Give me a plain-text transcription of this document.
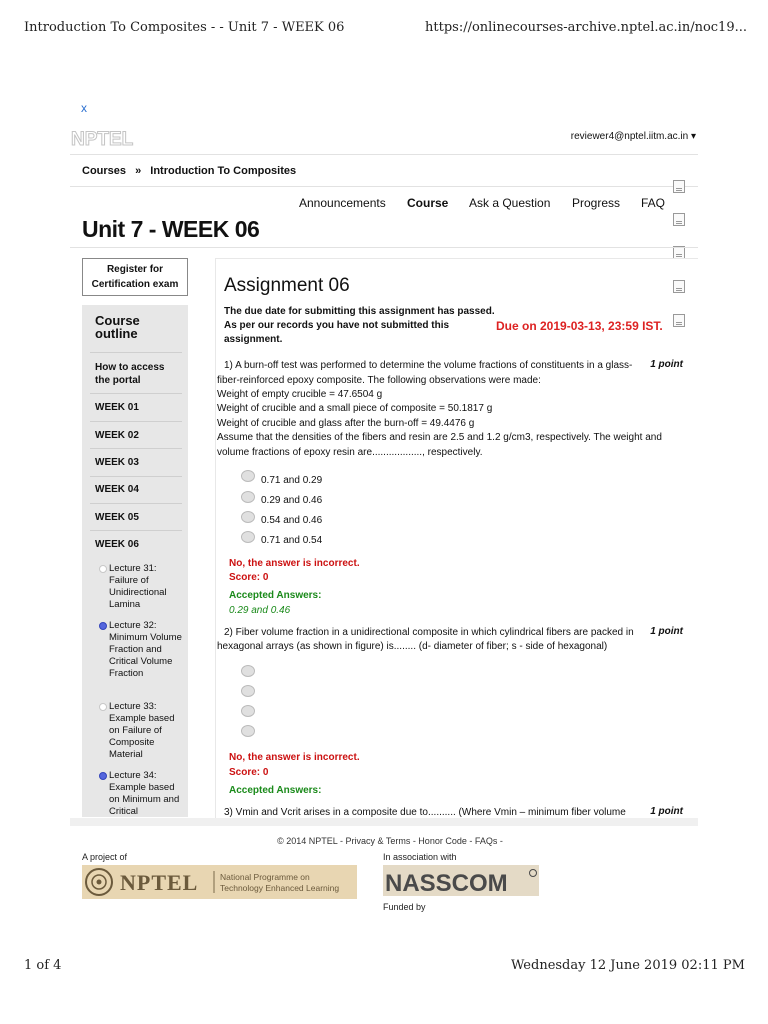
Introduction To Composites - - Unit 7 - WEEK 06	https://onlinecourses-archive.nptel.ac.in/noc19...
x
NPTEL	reviewer4@nptel.iitm.ac.in ▾
Courses » Introduction To Composites
Announcements Course Ask a Question Progress FAQ
Unit 7 - WEEK 06
Register for
Certification exam
Course
outline
How to access the portal
WEEK 01
WEEK 02
WEEK 03
WEEK 04
WEEK 05
WEEK 06
Lecture 31: Failure of Unidirectional Lamina
Lecture 32: Minimum Volume Fraction and Critical Volume Fraction
Lecture 33: Example based on Failure of Composite Material
Lecture 34: Example based on Minimum and Critical
Assignment 06
The due date for submitting this assignment has passed.
As per our records you have not submitted this
assignment.
Due on 2019-03-13, 23:59 IST.
1) A burn-off test was performed to determine the volume fractions of constituents in a glass-	1 point
fiber-reinforced epoxy composite. The following observations were made:
Weight of empty crucible = 47.6504 g
Weight of crucible and a small piece of composite = 50.1817 g
Weight of crucible and glass after the burn-off = 49.4476 g
Assume that the densities of the fibers and resin are 2.5 and 1.2 g/cm3, respectively. The weight and
volume fractions of epoxy resin are.................., respectively.
0.71 and 0.29
0.29 and 0.46
0.54 and 0.46
0.71 and 0.54
No, the answer is incorrect.
Score: 0
Accepted Answers:
0.29 and 0.46
2) Fiber volume fraction in a unidirectional composite in which cylindrical fibers are packed in	1 point
hexagonal arrays (as shown in figure) is........ (d- diameter of fiber; s - side of hexagonal)
No, the answer is incorrect.
Score: 0
Accepted Answers:
3) Vmin and Vcrit arises in a composite due to.......... (Where Vmin – minimum fiber volume	1 point
© 2014 NPTEL - Privacy & Terms - Honor Code - FAQs -
A project of	In association with
NPTEL	National Programme on
Technology Enhanced Learning NASSCOM
Funded by
1 of 4	Wednesday 12 June 2019 02:11 PM
